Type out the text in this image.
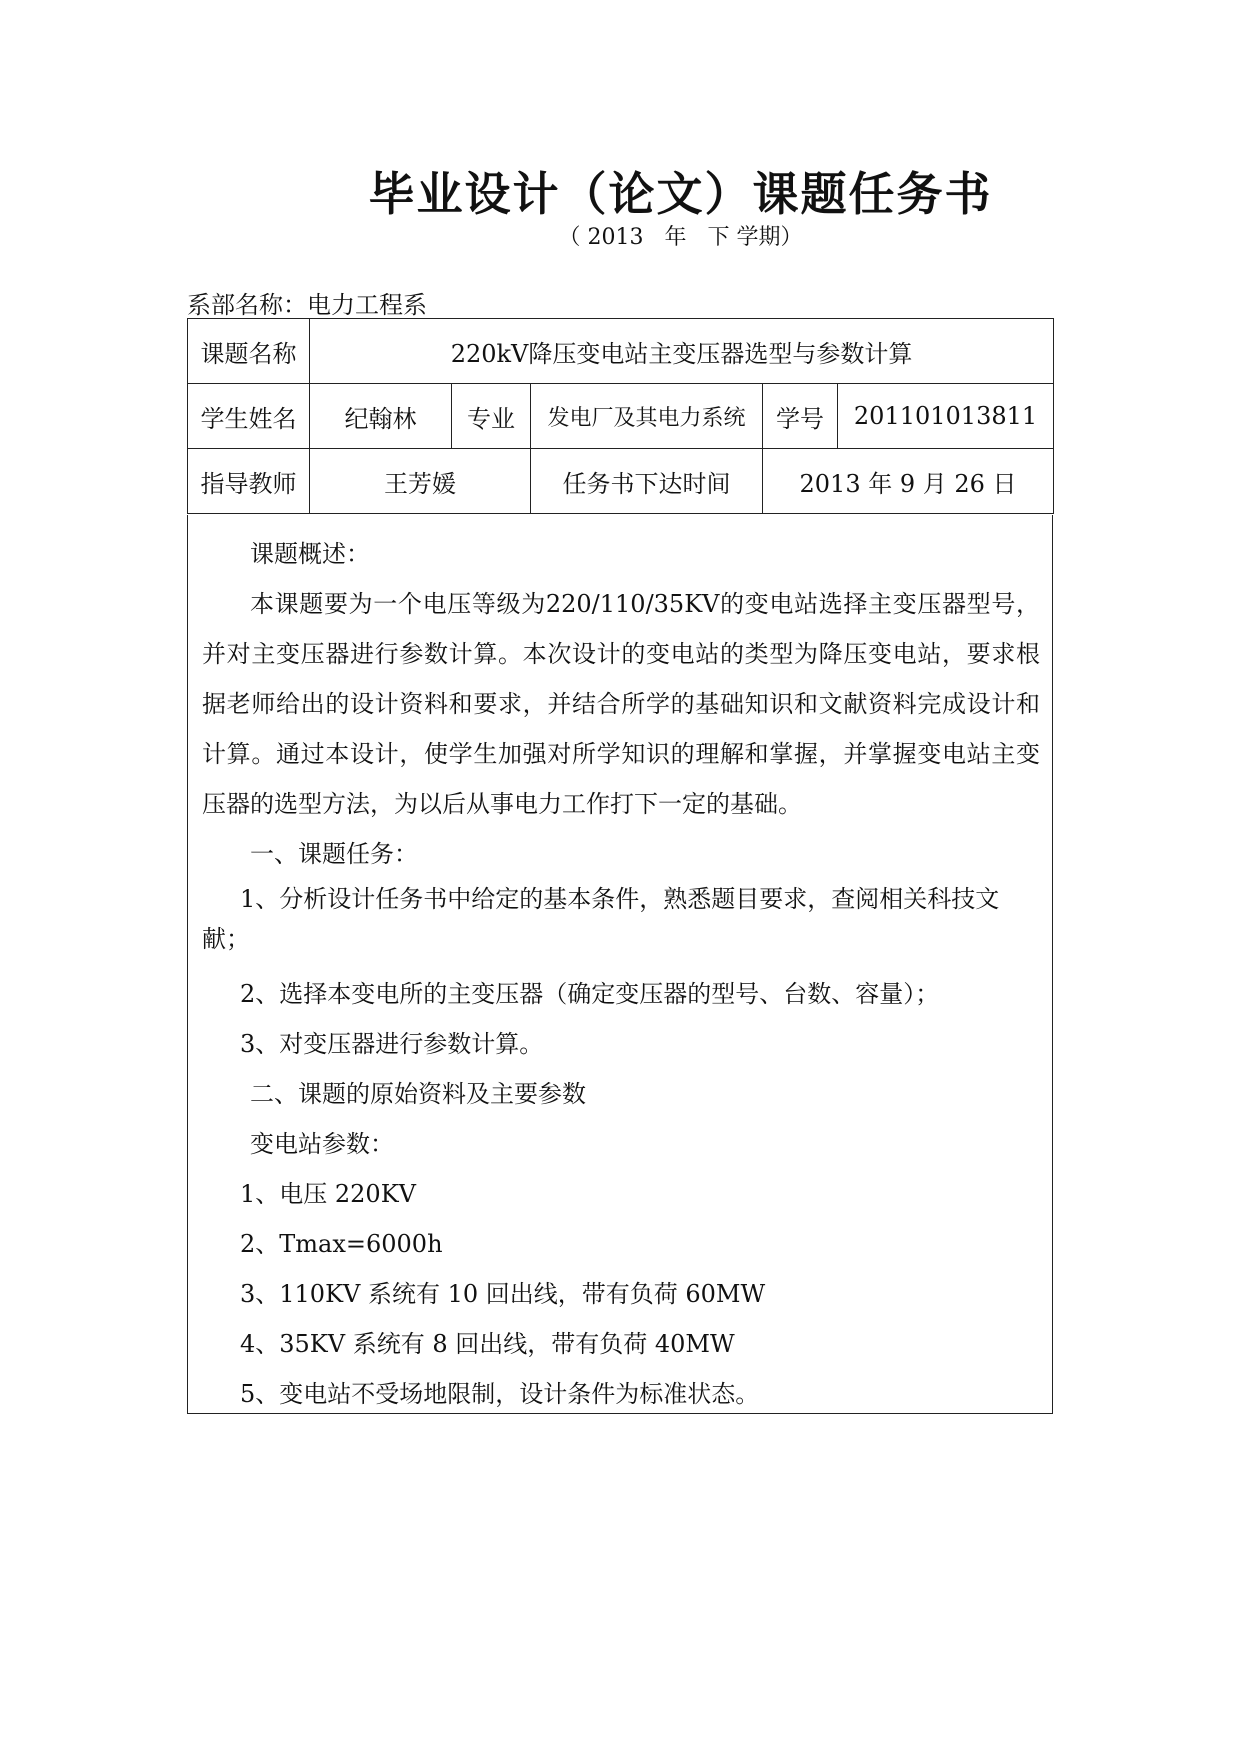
毕业设计（论文）课题任务书
（ 2013   年   下 学期）
系部名称：电力工程系
课题名称	220kV降压变电站主变压器选型与参数计算				
学生姓名	纪翰林	专业	发电厂及其电力系统	学号	201101013811
指导教师	王芳媛		任务书下达时间	2013 年 9 月 26 日	
课题概述：
本课题要为一个电压等级为220/110/35KV的变电站选择主变压器型号，并对主变压器进行参数计算。本次设计的变电站的类型为降压变电站，要求根据老师给出的设计资料和要求，并结合所学的基础知识和文献资料完成设计和计算。通过本设计，使学生加强对所学知识的理解和掌握，并掌握变电站主变压器的选型方法，为以后从事电力工作打下一定的基础。
一、课题任务：
1、分析设计任务书中给定的基本条件，熟悉题目要求，查阅相关科技文献；
2、选择本变电所的主变压器（确定变压器的型号、台数、容量）；
3、对变压器进行参数计算。
二、课题的原始资料及主要参数
变电站参数：
1、电压 220KV
2、Tmax=6000h
3、110KV 系统有 10 回出线，带有负荷 60MW
4、35KV 系统有 8 回出线，带有负荷 40MW
5、变电站不受场地限制，设计条件为标准状态。
